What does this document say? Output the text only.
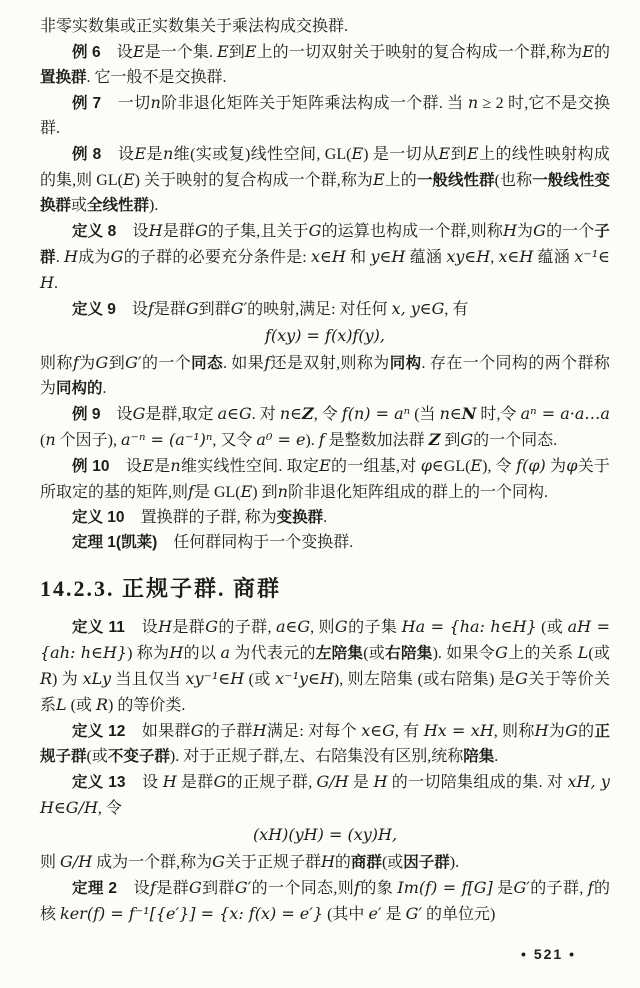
非零实数集或正实数集关于乘法构成交换群.

例 6　设E是一个集. E到E上的一切双射关于映射的复合构成一个群,称为E的置换群. 它一般不是交换群.

例 7　一切n阶非退化矩阵关于矩阵乘法构成一个群. 当 n ≥ 2 时,它不是交换群.

例 8　设E是n维(实或复)线性空间, GL(E) 是一切从E到E上的线性映射构成的集,则 GL(E) 关于映射的复合构成一个群,称为E上的一般线性群(也称一般线性变换群或全线性群).

定义 8　设H是群G的子集,且关于G的运算也构成一个群,则称H为G的一个子群. H成为G的子群的必要充分条件是: x∈H 和 y∈H 蕴涵 xy∈H, x∈H 蕴涵 x⁻¹∈H.

定义 9　设f是群G到群G′的映射,满足: 对任何 x, y∈G, 有

f(xy) = f(x)f(y),

则称f为G到G′的一个同态. 如果f还是双射,则称为同构. 存在一个同构的两个群称为同构的.

例 9　设G是群,取定 a∈G. 对 n∈Z, 令 f(n) = aⁿ (当 n∈N 时,令 aⁿ = a·a…a(n 个因子), a⁻ⁿ = (a⁻¹)ⁿ, 又令 a⁰ = e). f 是整数加法群 Z 到G的一个同态.

例 10　设E是n维实线性空间. 取定E的一组基,对 φ∈GL(E), 令 f(φ) 为φ关于所取定的基的矩阵,则f是 GL(E) 到n阶非退化矩阵组成的群上的一个同构.

定义 10　置换群的子群, 称为变换群.

定理 1(凯莱)　任何群同构于一个变换群.

14.2.3. 正规子群. 商群

定义 11　设H是群G的子群, a∈G, 则G的子集 Ha = {ha: h∈H} (或 aH = {ah: h∈H}) 称为H的以 a 为代表元的左陪集(或右陪集). 如果令G上的关系 L(或 R) 为 xLy 当且仅当 xy⁻¹∈H (或 x⁻¹y∈H), 则左陪集 (或右陪集) 是G关于等价关系L (或 R) 的等价类.

定义 12　如果群G的子群H满足: 对每个 x∈G, 有 Hx = xH, 则称H为G的正规子群(或不变子群). 对于正规子群,左、右陪集没有区别,统称陪集.

定义 13　设 H 是群G的正规子群, G/H 是 H 的一切陪集组成的集. 对 xH, yH∈G/H, 令

(xH)(yH) = (xy)H,

则 G/H 成为一个群,称为G关于正规子群H的商群(或因子群).

定理 2　设f是群G到群G′的一个同态,则f的象 Im(f) = f[G] 是G′的子群, f的核 ker(f) = f⁻¹[{e′}] = {x: f(x) = e′} (其中 e′ 是 G′ 的单位元)

• 521 •
